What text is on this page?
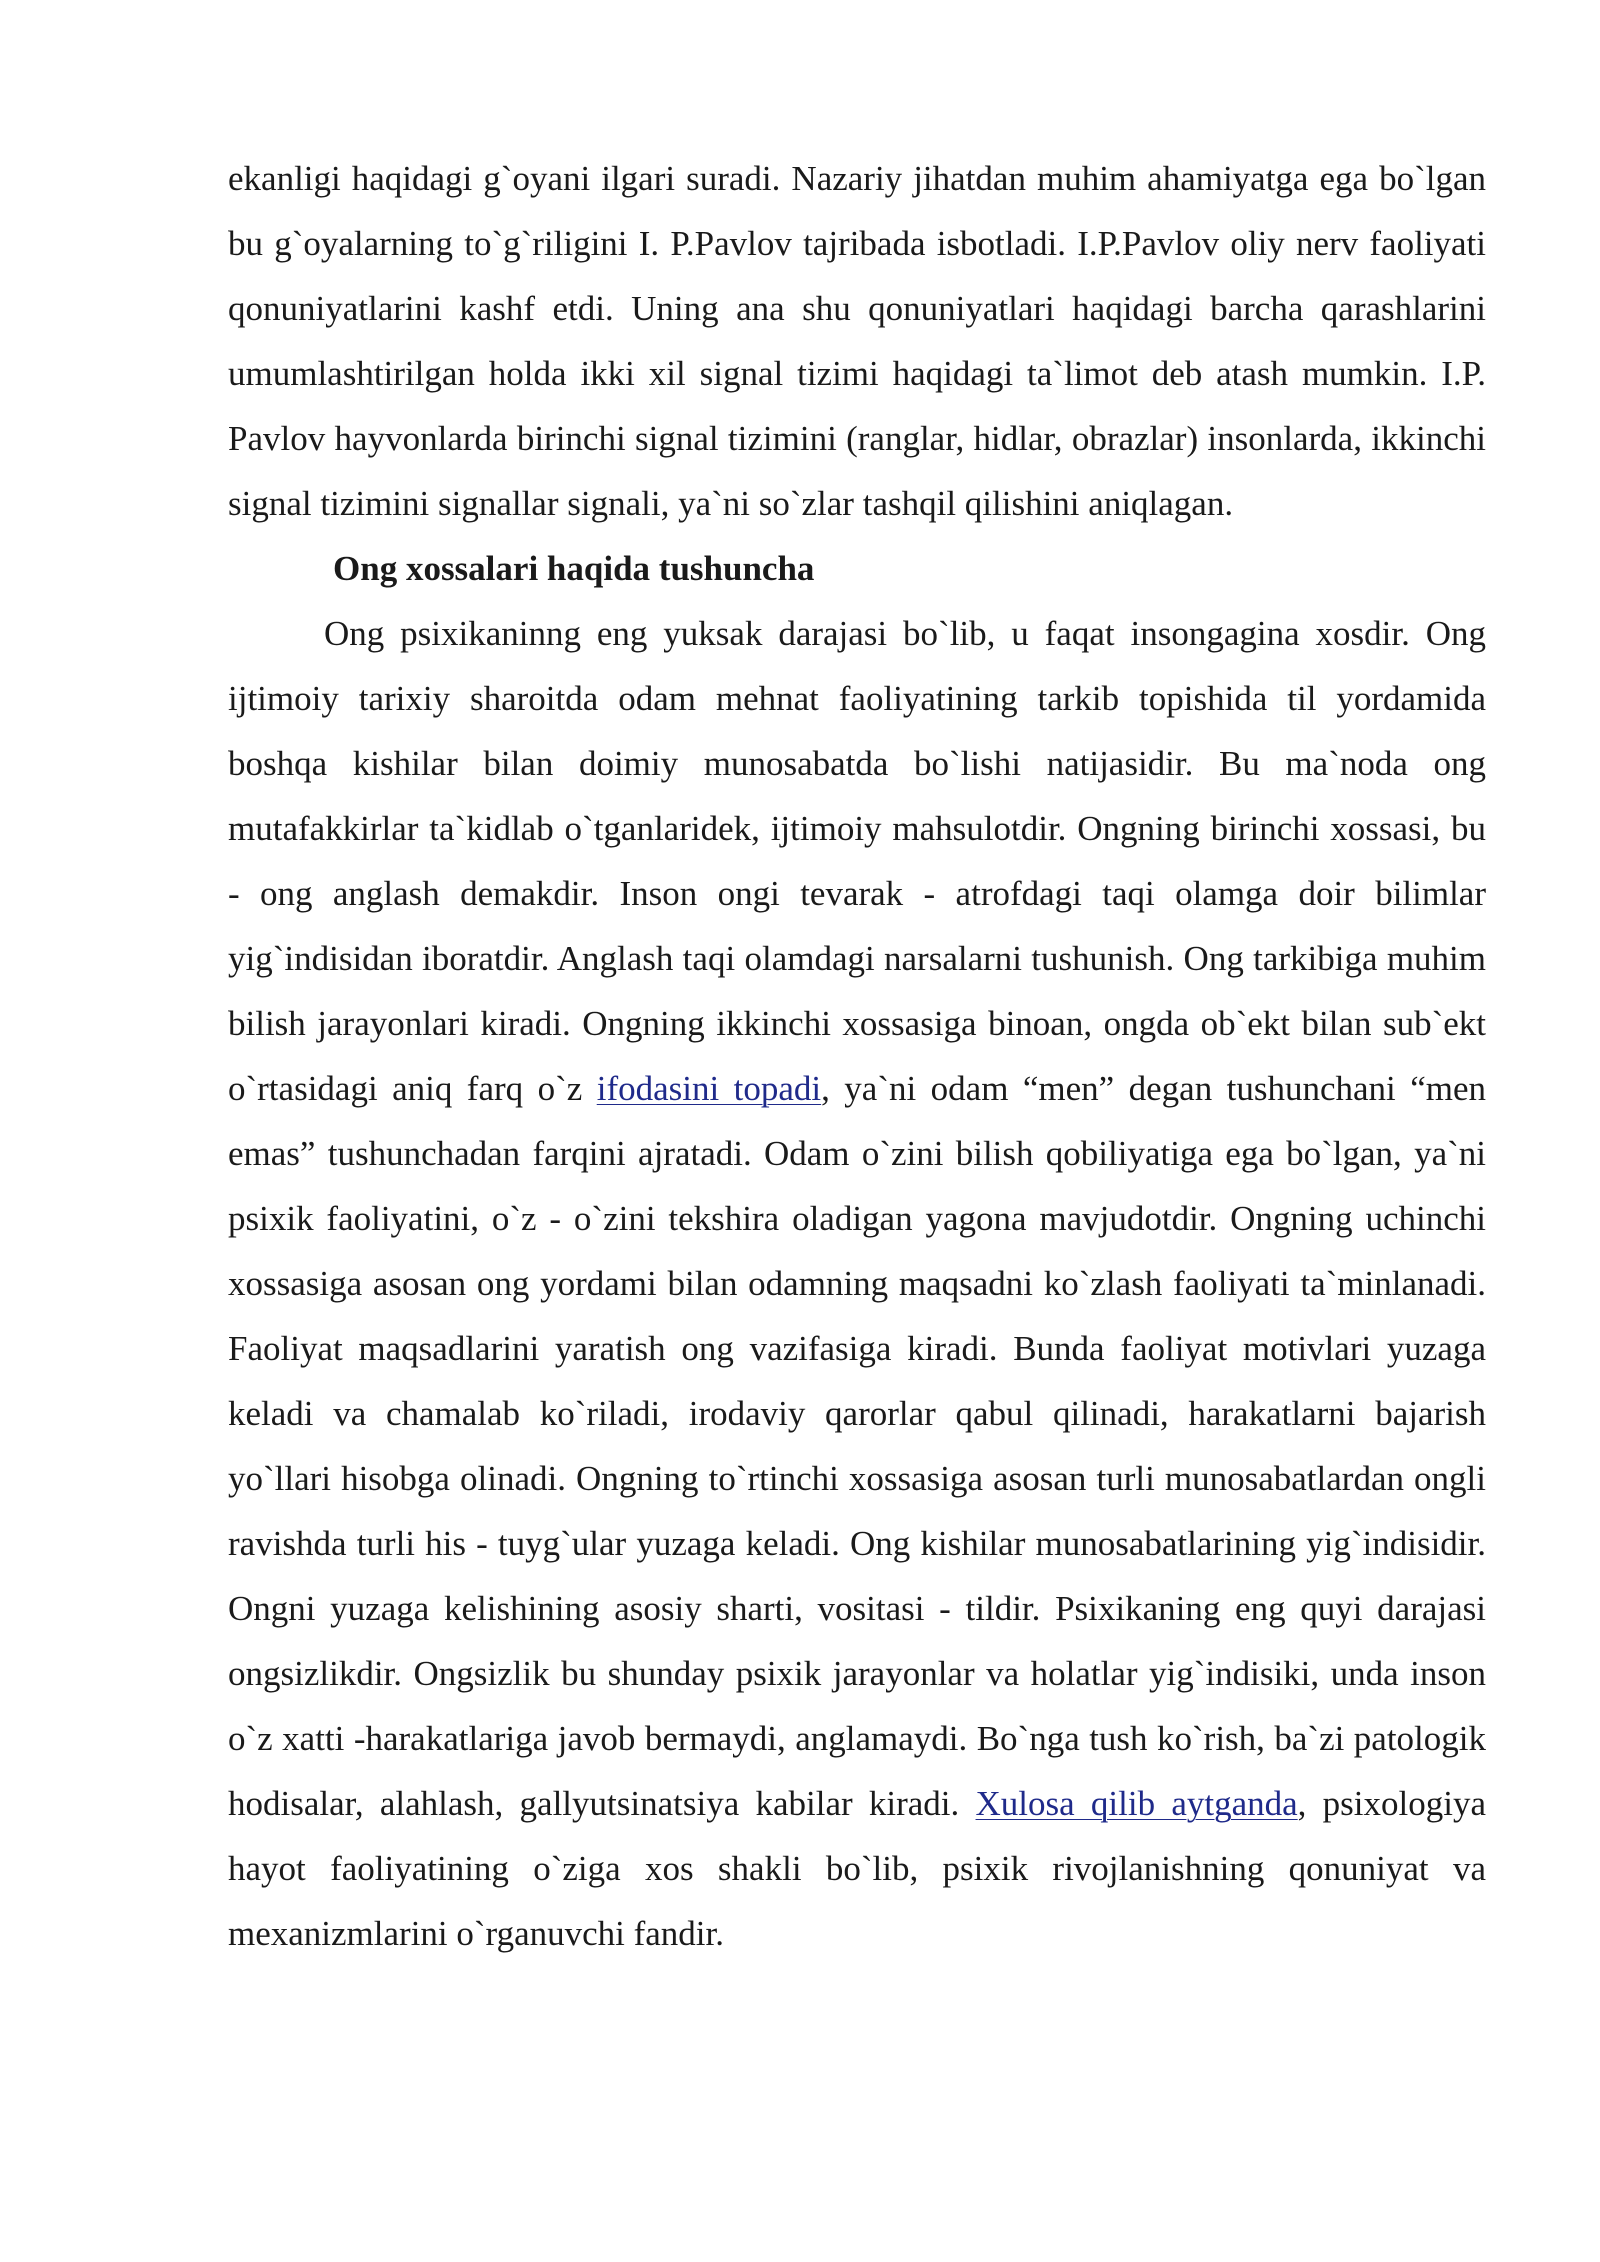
ekanligi haqidagi g`oyani ilgari suradi. Nazariy jihatdan muhim ahamiyatga ega bo`lgan bu g`oyalarning to`g`riligini I. P.Pavlov tajribada isbotladi. I.P.Pavlov oliy nerv faoliyati qonuniyatlarini kashf etdi. Uning ana shu qonuniyatlari haqidagi barcha qarashlarini umumlashtirilgan holda ikki xil signal tizimi haqidagi ta`limot deb atash mumkin. I.P. Pavlov hayvonlarda birinchi signal tizimini (ranglar, hidlar, obrazlar) insonlarda, ikkinchi signal tizimini signallar signali, ya`ni so`zlar tashqil qilishini aniqlagan.

Ong xossalari haqida tushuncha

Ong psixikaninng eng yuksak darajasi bo`lib, u faqat insongagina xosdir. Ong ijtimoiy tarixiy sharoitda odam mehnat faoliyatining tarkib topishida til yordamida boshqa kishilar bilan doimiy munosabatda bo`lishi natijasidir. Bu ma`noda ong mutafakkirlar ta`kidlab o`tganlaridek, ijtimoiy mahsulotdir. Ongning birinchi xossasi, bu - ong anglash demakdir. Inson ongi tevarak - atrofdagi taqi olamga doir bilimlar yig`indisidan iboratdir. Anglash taqi olamdagi narsalarni tushunish. Ong tarkibiga muhim bilish jarayonlari kiradi. Ongning ikkinchi xossasiga binoan, ongda ob`ekt bilan sub`ekt o`rtasidagi aniq farq o`z ifodasini topadi, ya`ni odam “men” degan tushunchani “men emas” tushunchadan farqini ajratadi. Odam o`zini bilish qobiliyatiga ega bo`lgan, ya`ni psixik faoliyatini, o`z - o`zini tekshira oladigan yagona mavjudotdir. Ongning uchinchi xossasiga asosan ong yordami bilan odamning maqsadni ko`zlash faoliyati ta`minlanadi. Faoliyat maqsadlarini yaratish ong vazifasiga kiradi. Bunda faoliyat motivlari yuzaga keladi va chamalab ko`riladi, irodaviy qarorlar qabul qilinadi, harakatlarni bajarish yo`llari hisobga olinadi. Ongning to`rtinchi xossasiga asosan turli munosabatlardan ongli ravishda turli his - tuyg`ular yuzaga keladi. Ong kishilar munosabatlarining yig`indisidir. Ongni yuzaga kelishining asosiy sharti, vositasi - tildir. Psixikaning eng quyi darajasi ongsizlikdir. Ongsizlik bu shunday psixik jarayonlar va holatlar yig`indisiki, unda inson o`z xatti -harakatlariga javob bermaydi, anglamaydi. Bo`nga tush ko`rish, ba`zi patologik hodisalar, alahlash, gallyutsinatsiya kabilar kiradi. Xulosa qilib aytganda, psixologiya hayot faoliyatining o`ziga xos shakli bo`lib, psixik rivojlanishning qonuniyat va mexanizmlarini o`rganuvchi fandir.
